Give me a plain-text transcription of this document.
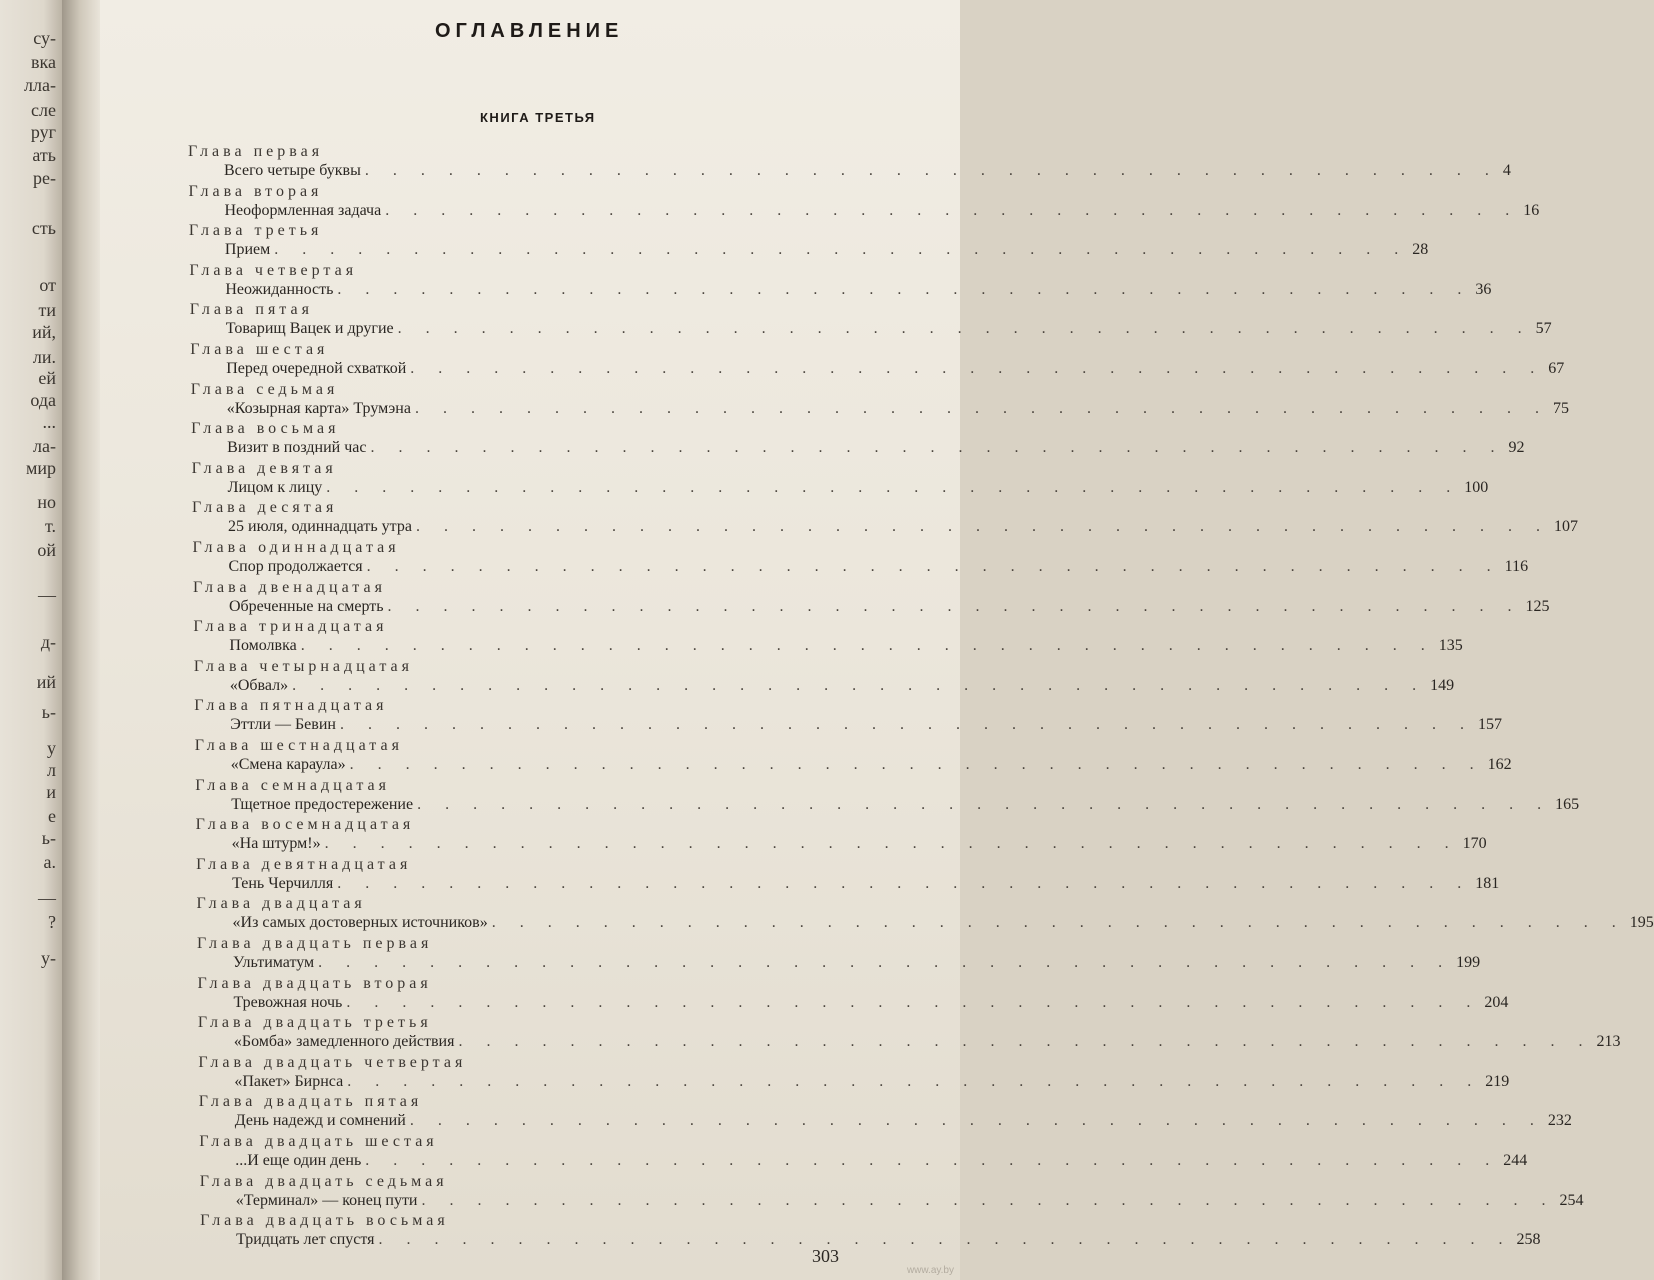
су-
вка
лла-
сле
руг
ать
ре-
сть
от
ти
ий,
ли.
ей
ода
...
ла-
мир
но
т.
ой
—
д-
ий
ь-
у
л
и
е
ь-
а.
—
?
у-
ОГЛАВЛЕНИЕ
КНИГА ТРЕТЬЯ
Глава первая
Всего четыре буквы . . . . . . . . . . . . . . . . . . . . . . . . . . . . . . . . . . . . . . . . . 4
Глава вторая
Неоформленная задача . . . . . . . . . . . . . . . . . . . . . . . . . . . . . . . . . . . . . . . . . 16
Глава третья
Прием . . . . . . . . . . . . . . . . . . . . . . . . . . . . . . . . . . . . . . . . . 28
Глава четвертая
Неожиданность . . . . . . . . . . . . . . . . . . . . . . . . . . . . . . . . . . . . . . . . . 36
Глава пятая
Товарищ Вацек и другие . . . . . . . . . . . . . . . . . . . . . . . . . . . . . . . . . . . . . . . . . 57
Глава шестая
Перед очередной схваткой . . . . . . . . . . . . . . . . . . . . . . . . . . . . . . . . . . . . . . . . . 67
Глава седьмая
«Козырная карта» Трумэна . . . . . . . . . . . . . . . . . . . . . . . . . . . . . . . . . . . . . . . . . 75
Глава восьмая
Визит в поздний час . . . . . . . . . . . . . . . . . . . . . . . . . . . . . . . . . . . . . . . . . 92
Глава девятая
Лицом к лицу . . . . . . . . . . . . . . . . . . . . . . . . . . . . . . . . . . . . . . . . . 100
Глава десятая
25 июля, одиннадцать утра . . . . . . . . . . . . . . . . . . . . . . . . . . . . . . . . . . . . . . . . . 107
Глава одиннадцатая
Спор продолжается . . . . . . . . . . . . . . . . . . . . . . . . . . . . . . . . . . . . . . . . . 116
Глава двенадцатая
Обреченные на смерть . . . . . . . . . . . . . . . . . . . . . . . . . . . . . . . . . . . . . . . . . 125
Глава тринадцатая
Помолвка . . . . . . . . . . . . . . . . . . . . . . . . . . . . . . . . . . . . . . . . . 135
Глава четырнадцатая
«Обвал» . . . . . . . . . . . . . . . . . . . . . . . . . . . . . . . . . . . . . . . . . 149
Глава пятнадцатая
Эттли — Бевин . . . . . . . . . . . . . . . . . . . . . . . . . . . . . . . . . . . . . . . . . 157
Глава шестнадцатая
«Смена караула» . . . . . . . . . . . . . . . . . . . . . . . . . . . . . . . . . . . . . . . . . 162
Глава семнадцатая
Тщетное предостережение . . . . . . . . . . . . . . . . . . . . . . . . . . . . . . . . . . . . . . . . . 165
Глава восемнадцатая
«На штурм!» . . . . . . . . . . . . . . . . . . . . . . . . . . . . . . . . . . . . . . . . . 170
Глава девятнадцатая
Тень Черчилля . . . . . . . . . . . . . . . . . . . . . . . . . . . . . . . . . . . . . . . . . 181
Глава двадцатая
«Из самых достоверных источников» . . . . . . . . . . . . . . . . . . . . . . . . . . . . . . . . . . . . . . . . . 195
Глава двадцать первая
Ультиматум . . . . . . . . . . . . . . . . . . . . . . . . . . . . . . . . . . . . . . . . . 199
Глава двадцать вторая
Тревожная ночь . . . . . . . . . . . . . . . . . . . . . . . . . . . . . . . . . . . . . . . . . 204
Глава двадцать третья
«Бомба» замедленного действия . . . . . . . . . . . . . . . . . . . . . . . . . . . . . . . . . . . . . . . . . 213
Глава двадцать четвертая
«Пакет» Бирнса . . . . . . . . . . . . . . . . . . . . . . . . . . . . . . . . . . . . . . . . . 219
Глава двадцать пятая
День надежд и сомнений . . . . . . . . . . . . . . . . . . . . . . . . . . . . . . . . . . . . . . . . . 232
Глава двадцать шестая
...И еще один день . . . . . . . . . . . . . . . . . . . . . . . . . . . . . . . . . . . . . . . . . 244
Глава двадцать седьмая
«Терминал» — конец пути . . . . . . . . . . . . . . . . . . . . . . . . . . . . . . . . . . . . . . . . . 254
Глава двадцать восьмая
Тридцать лет спустя . . . . . . . . . . . . . . . . . . . . . . . . . . . . . . . . . . . . . . . . . 258
303
www.ay.by
